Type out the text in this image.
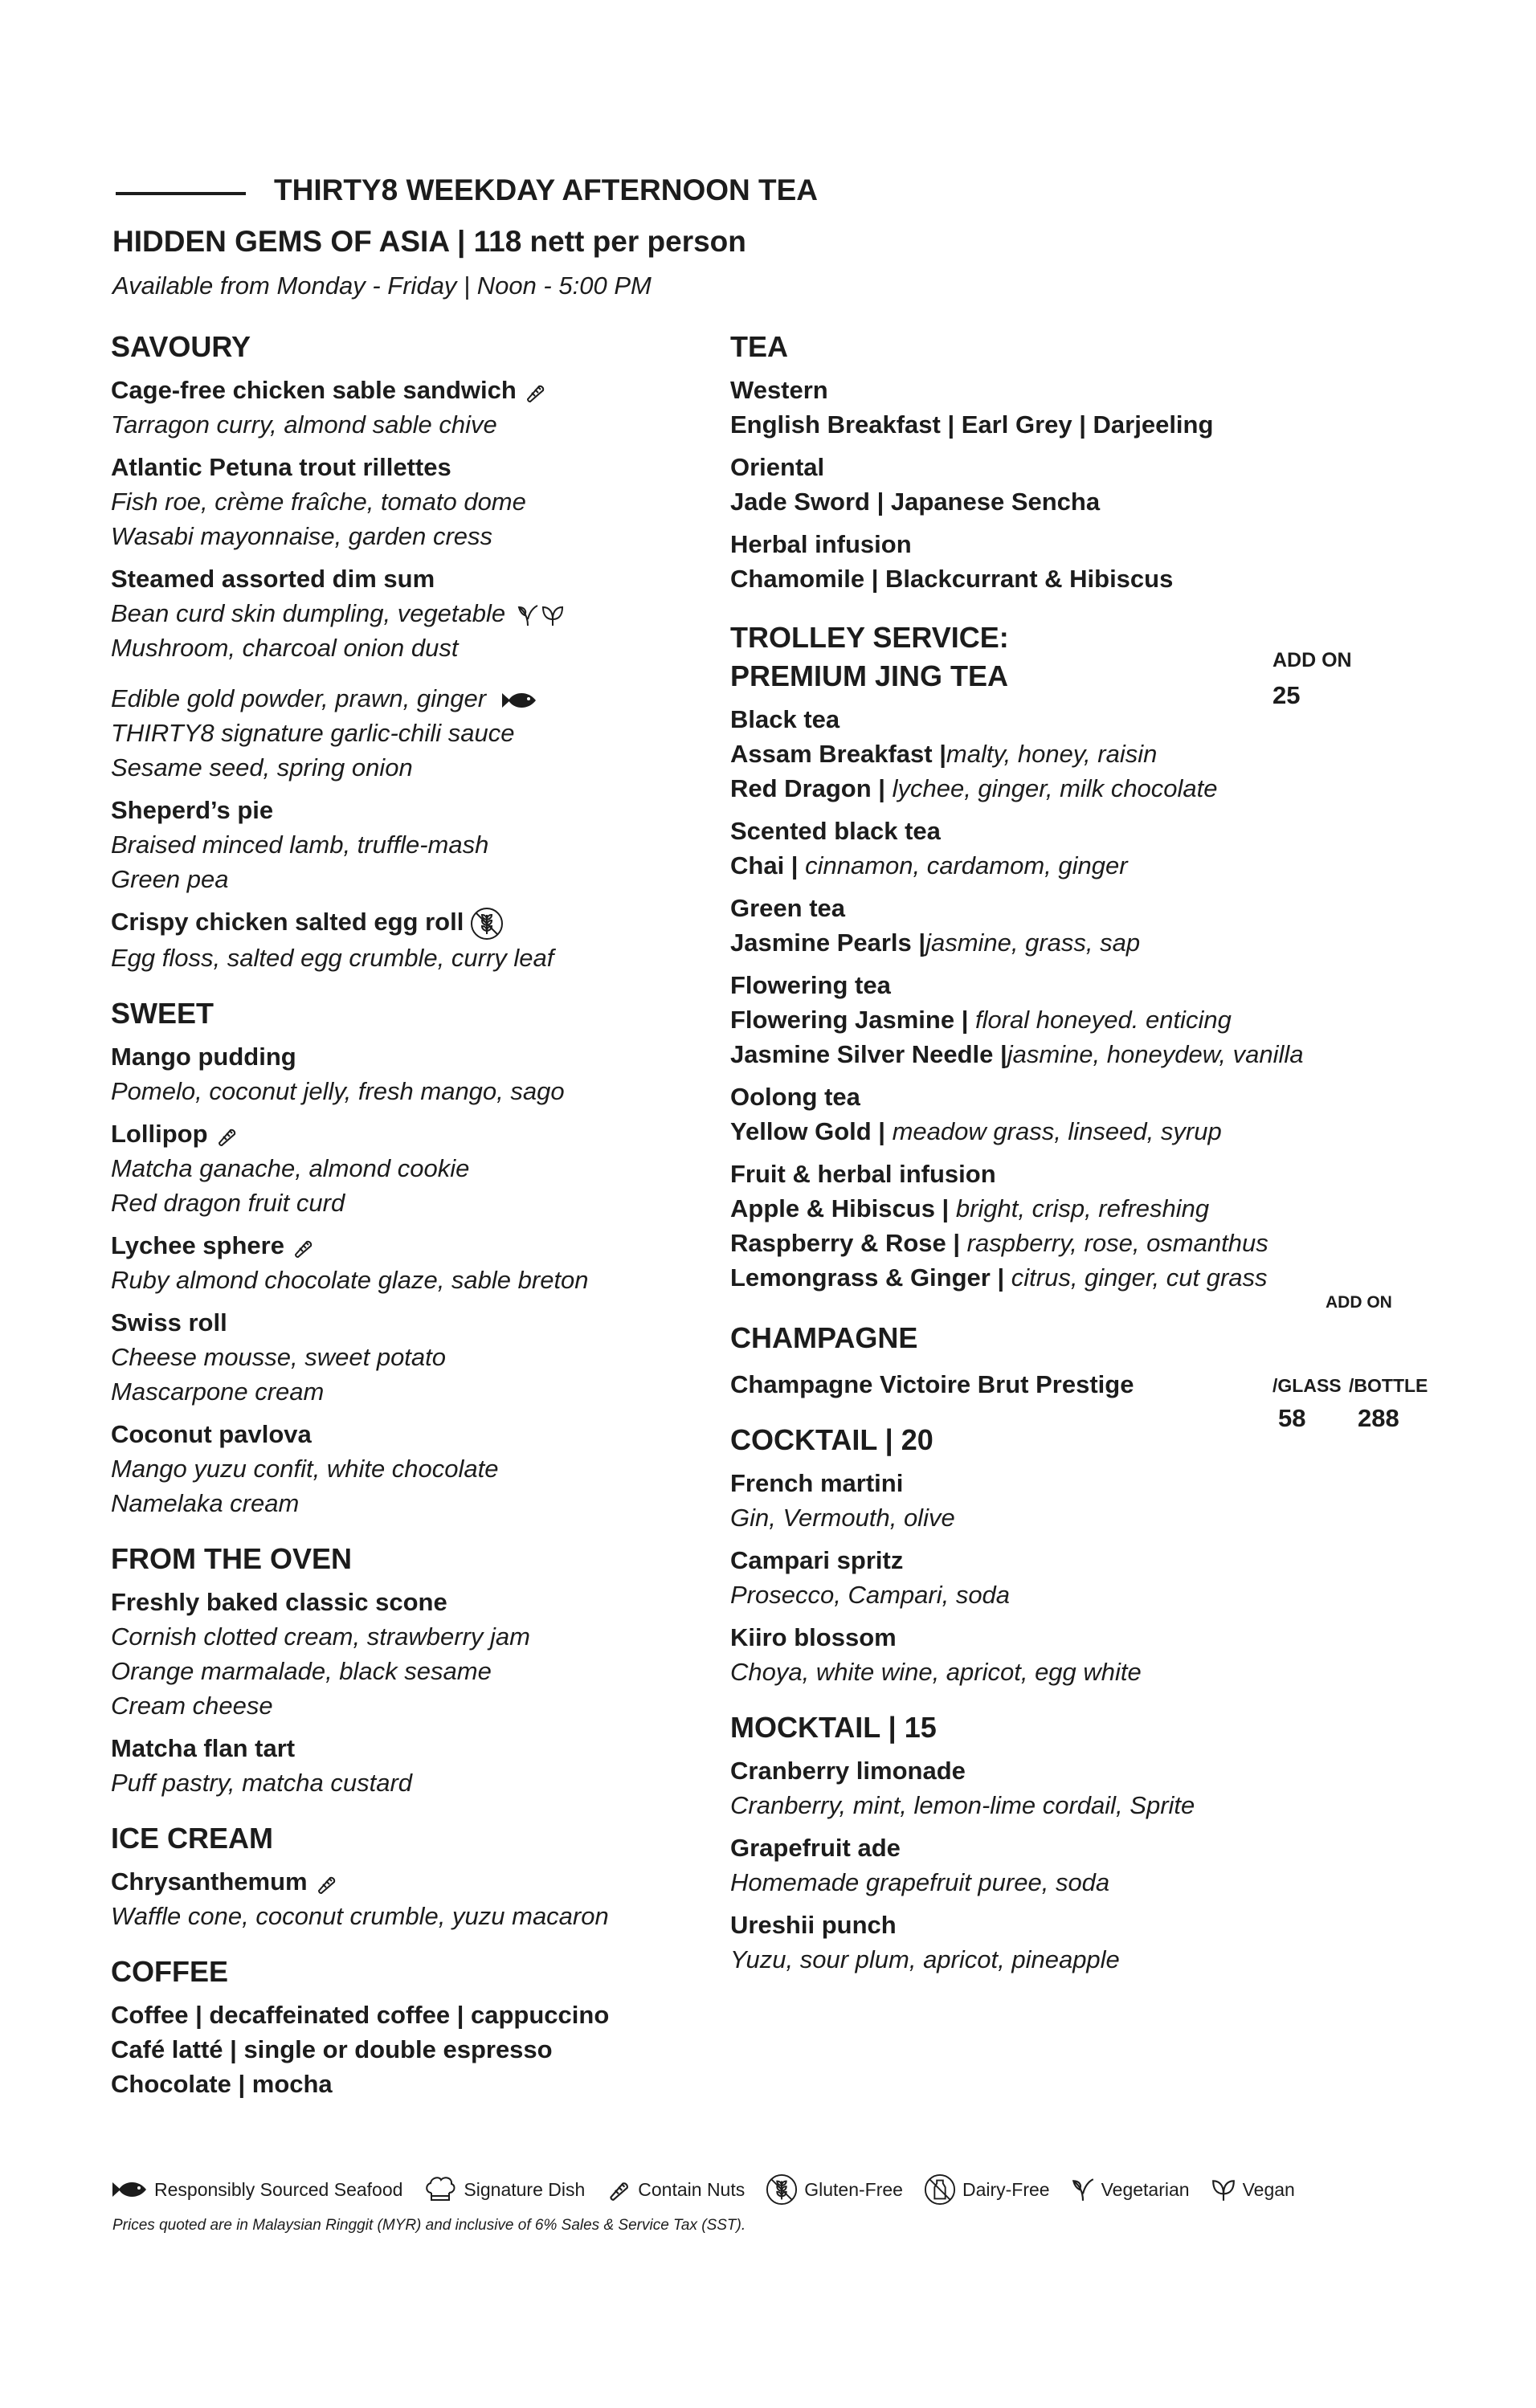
THIRTY8 WEEKDAY AFTERNOON TEA
HIDDEN GEMS OF ASIA | 118 nett per person
Available from Monday - Friday | Noon - 5:00 PM
SAVOURY
Cage-free chicken sable sandwich
Tarragon curry, almond sable chive
Atlantic Petuna trout rillettes
Fish roe, crème fraîche, tomato dome
Wasabi mayonnaise, garden cress
Steamed assorted dim sum
Bean curd skin dumpling, vegetable
Mushroom, charcoal onion dust
Edible gold powder, prawn, ginger
THIRTY8 signature garlic-chili sauce
Sesame seed, spring onion
Sheperd’s pie
Braised minced lamb, truffle-mash
Green pea
Crispy chicken salted egg roll
Egg floss, salted egg crumble, curry leaf
SWEET
Mango pudding
Pomelo, coconut jelly, fresh mango, sago
Lollipop
Matcha ganache, almond cookie
Red dragon fruit curd
Lychee sphere
Ruby almond chocolate glaze, sable breton
Swiss roll
Cheese mousse, sweet potato
Mascarpone cream
Coconut pavlova
Mango yuzu confit, white chocolate
Namelaka cream
FROM THE OVEN
Freshly baked classic scone
Cornish clotted cream, strawberry jam
Orange marmalade, black sesame
Cream cheese
Matcha flan tart
Puff pastry, matcha custard
ICE CREAM
Chrysanthemum
Waffle cone, coconut crumble, yuzu macaron
COFFEE
Coffee | decaffeinated coffee | cappuccino
Café latté | single or double espresso
Chocolate | mocha
TEA
Western
English Breakfast | Earl Grey | Darjeeling
Oriental
Jade Sword | Japanese Sencha
Herbal infusion
Chamomile | Blackcurrant & Hibiscus
TROLLEY SERVICE:
PREMIUM JING TEA
Black tea
Assam Breakfast |malty, honey, raisin
Red Dragon | lychee, ginger, milk chocolate
Scented black tea
Chai | cinnamon, cardamom, ginger
Green tea
Jasmine Pearls |jasmine, grass, sap
Flowering tea
Flowering Jasmine | floral honeyed. enticing
Jasmine Silver Needle |jasmine, honeydew, vanilla
Oolong tea
Yellow Gold | meadow grass, linseed, syrup
Fruit & herbal infusion
Apple & Hibiscus | bright, crisp, refreshing
Raspberry & Rose | raspberry, rose, osmanthus
Lemongrass & Ginger | citrus, ginger, cut grass
CHAMPAGNE
Champagne Victoire Brut Prestige
COCKTAIL | 20
French martini
Gin, Vermouth, olive
Campari spritz
Prosecco, Campari, soda
Kiiro blossom
Choya, white wine, apricot, egg white
MOCKTAIL | 15
Cranberry limonade
Cranberry, mint, lemon-lime cordail, Sprite
Grapefruit ade
Homemade grapefruit puree, soda
Ureshii punch
Yuzu, sour plum, apricot, pineapple
ADD ON
25
ADD ON
/GLASS /BOTTLE
58 288
Responsibly Sourced Seafood	Signature Dish	Contain Nuts	Gluten-Free	Dairy-Free	Vegetarian	Vegan
Prices quoted are in Malaysian Ringgit (MYR) and inclusive of 6% Sales & Service Tax (SST).
